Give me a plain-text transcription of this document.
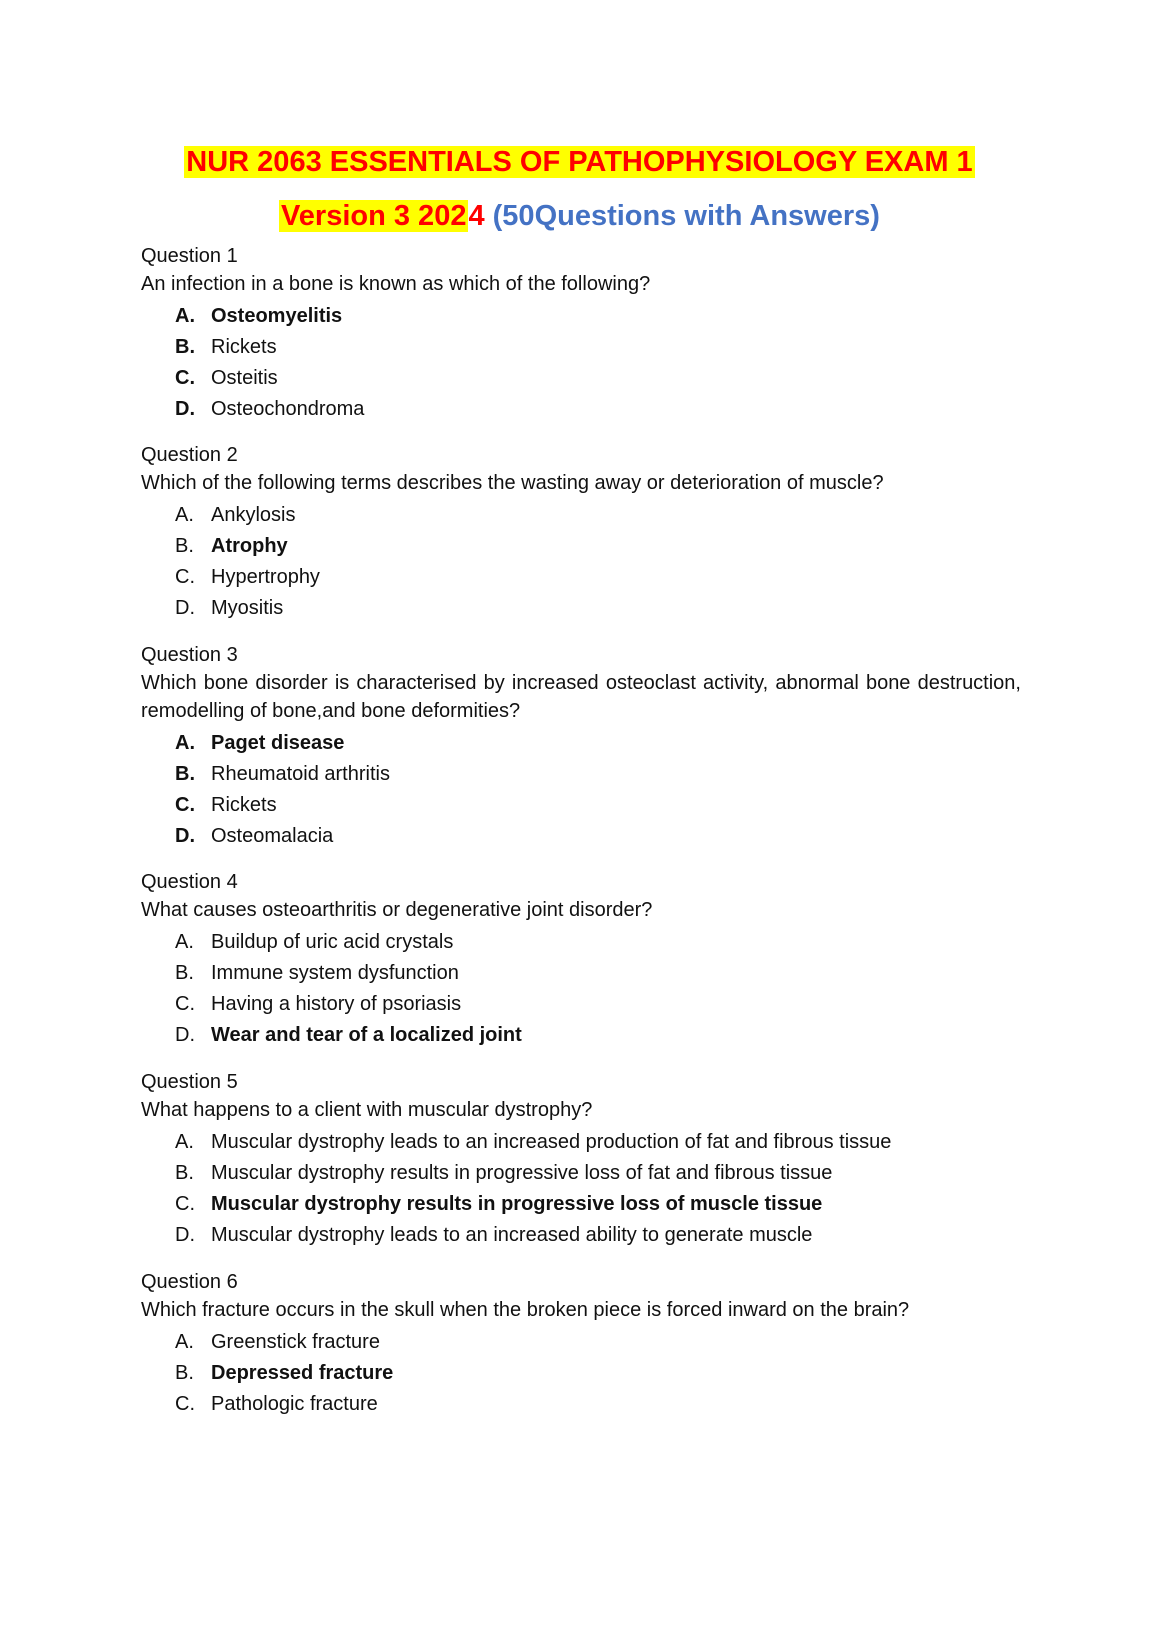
NUR 2063 ESSENTIALS OF PATHOPHYSIOLOGY EXAM 1
Version 3 2024 (50Questions with Answers)

Question 1

An infection in a bone is known as which of the following?

A. Osteomyelitis
B. Rickets
C. Osteitis
D. Osteochondroma

Question 2

Which of the following terms describes the wasting away or deterioration of muscle?

A. Ankylosis
B. Atrophy
C. Hypertrophy
D. Myositis

Question 3

Which bone disorder is characterised by increased osteoclast activity, abnormal bone destruction, remodelling of bone,and bone deformities?

A. Paget disease
B. Rheumatoid arthritis
C. Rickets
D. Osteomalacia

Question 4

What causes osteoarthritis or degenerative joint disorder?

A. Buildup of uric acid crystals
B. Immune system dysfunction
C. Having a history of psoriasis
D. Wear and tear of a localized joint

Question 5

What happens to a client with muscular dystrophy?

A. Muscular dystrophy leads to an increased production of fat and fibrous tissue
B. Muscular dystrophy results in progressive loss of fat and fibrous tissue
C. Muscular dystrophy results in progressive loss of muscle tissue
D. Muscular dystrophy leads to an increased ability to generate muscle

Question 6

Which fracture occurs in the skull when the broken piece is forced inward on the brain?

A. Greenstick fracture
B. Depressed fracture
C. Pathologic fracture
